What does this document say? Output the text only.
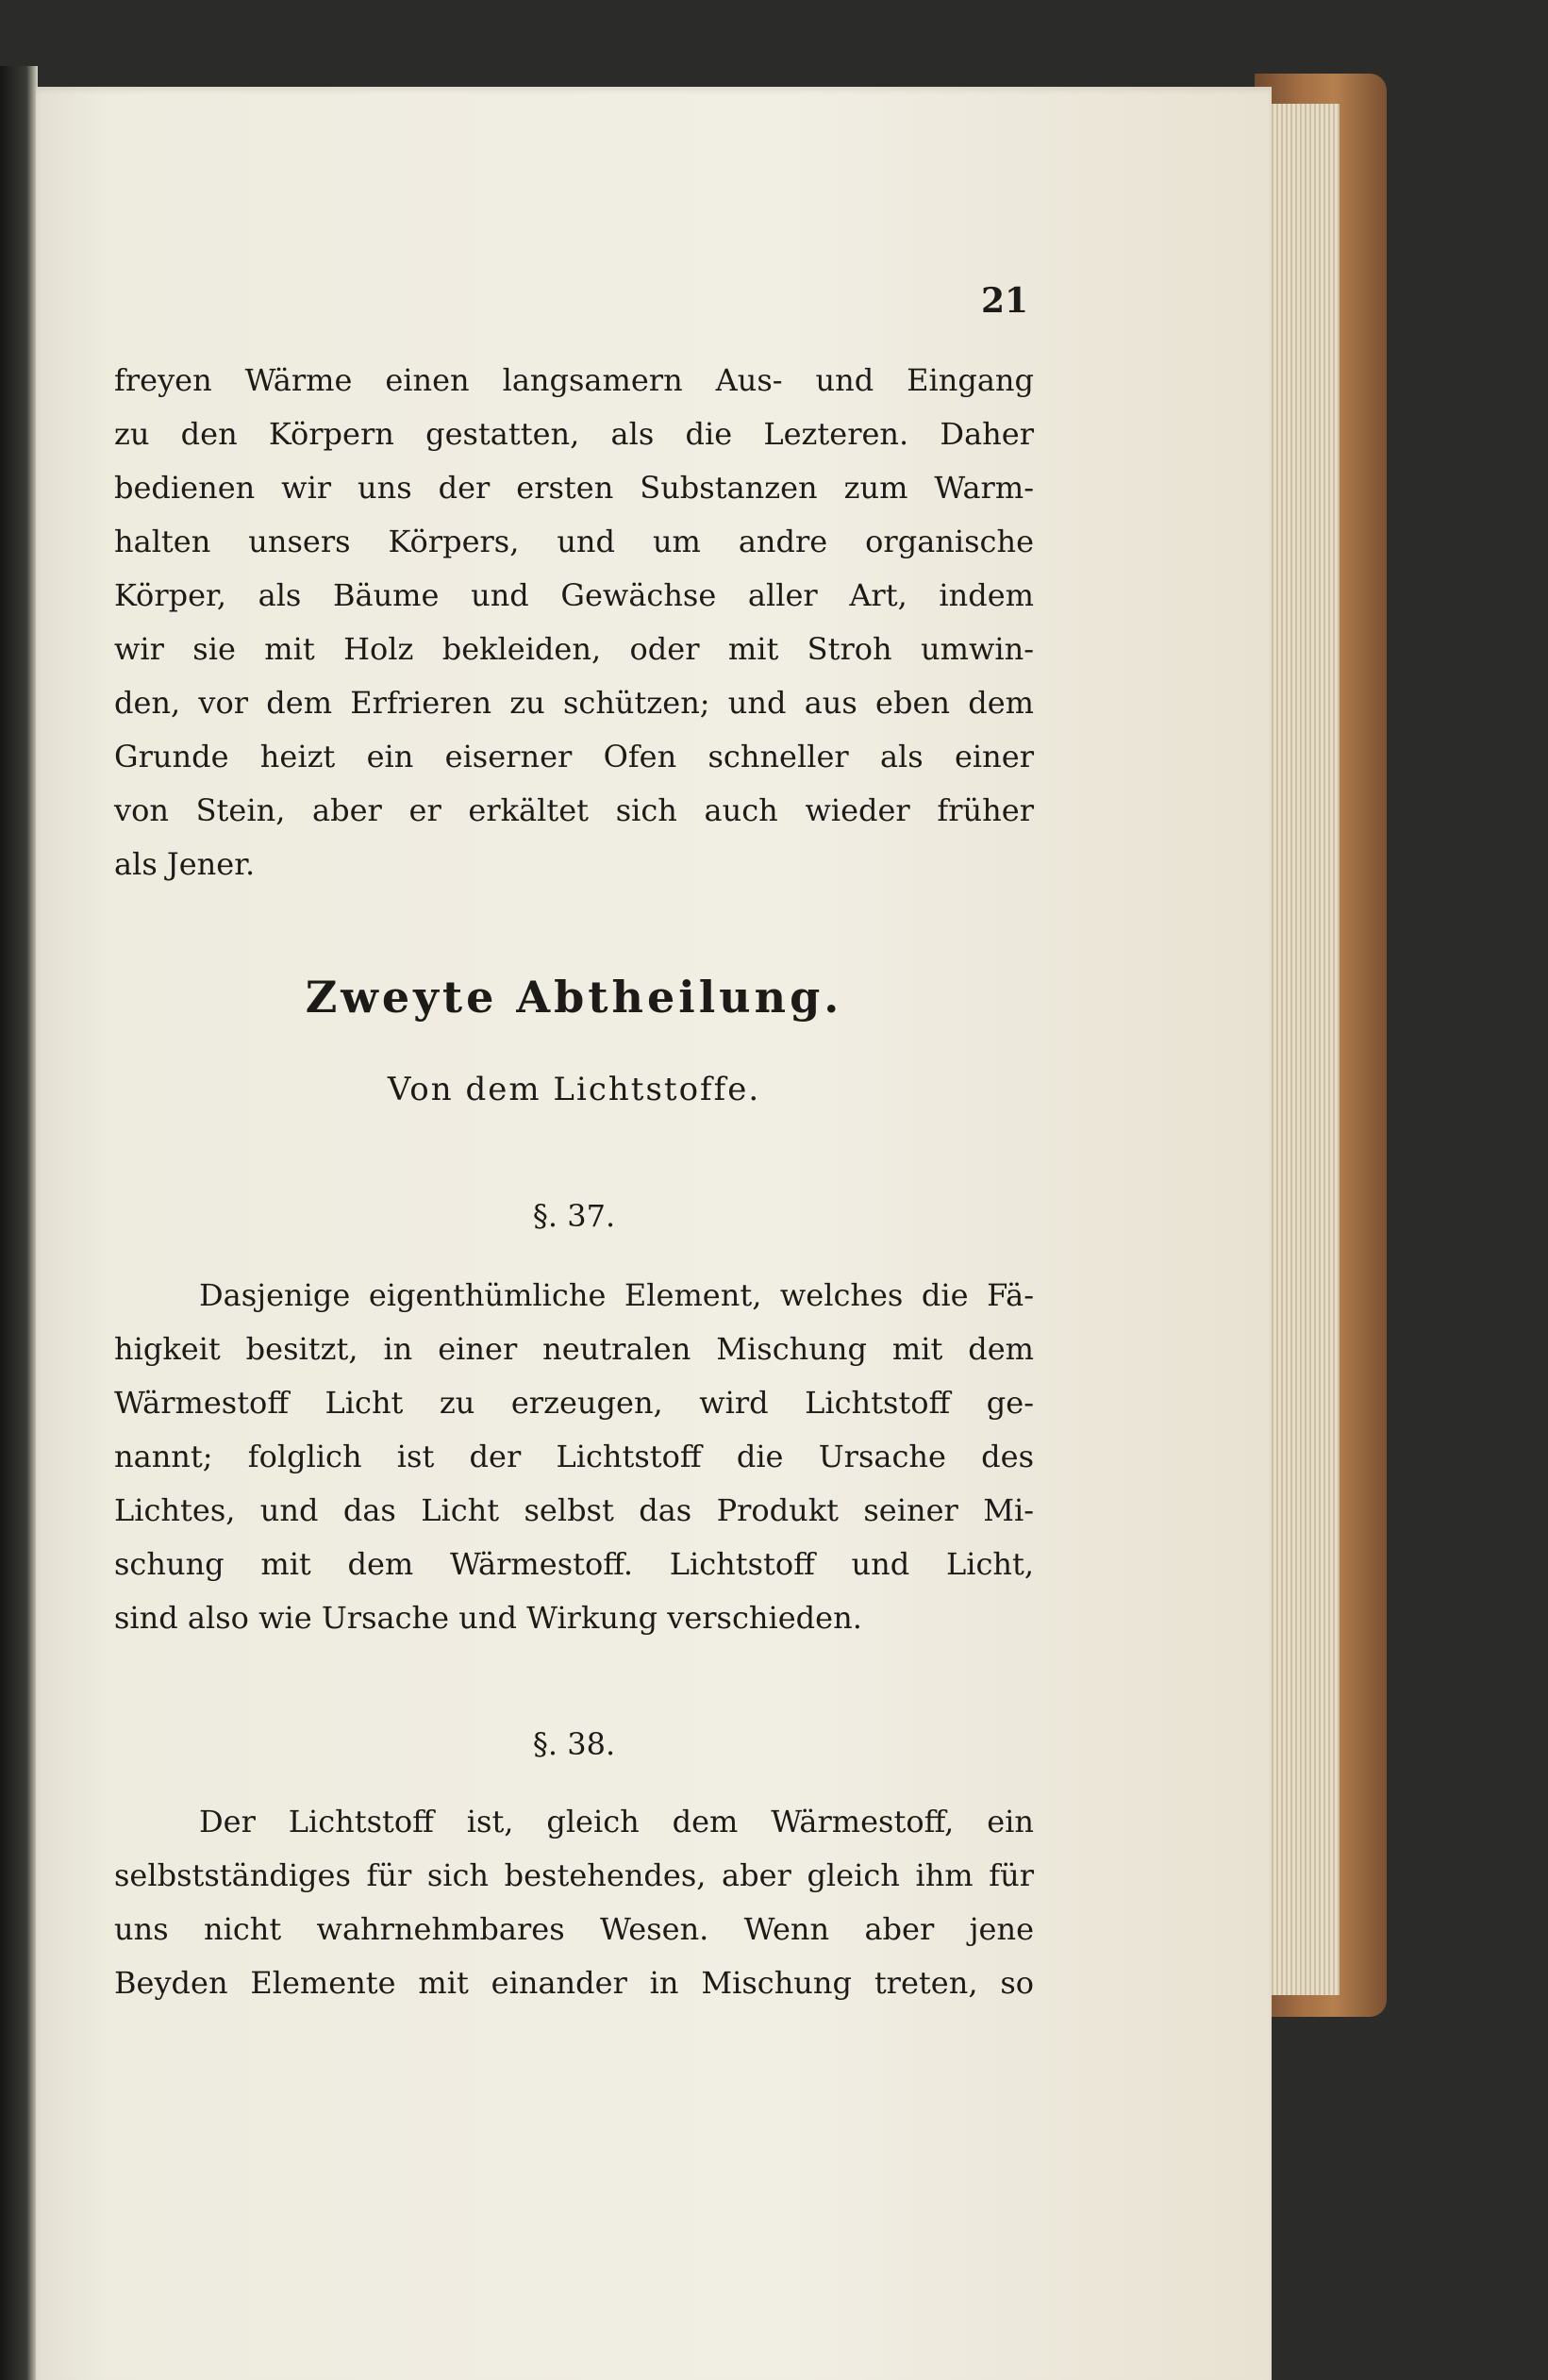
21
freyen Wärme einen langsamern Aus- und Eingang
zu den Körpern gestatten, als die Lezteren. Daher
bedienen wir uns der ersten Substanzen zum Warm-
halten unsers Körpers, und um andre organische
Körper, als Bäume und Gewächse aller Art, indem
wir sie mit Holz bekleiden, oder mit Stroh umwin-
den, vor dem Erfrieren zu schützen; und aus eben dem
Grunde heizt ein eiserner Ofen schneller als einer
von Stein, aber er erkältet sich auch wieder früher
als Jener.
Zweyte Abtheilung.
Von dem Lichtstoffe.
§. 37.
Dasjenige eigenthümliche Element, welches die Fä-
higkeit besitzt, in einer neutralen Mischung mit dem
Wärmestoff Licht zu erzeugen, wird Lichtstoff ge-
nannt; folglich ist der Lichtstoff die Ursache des
Lichtes, und das Licht selbst das Produkt seiner Mi-
schung mit dem Wärmestoff. Lichtstoff und Licht,
sind also wie Ursache und Wirkung verschieden.
§. 38.
Der Lichtstoff ist, gleich dem Wärmestoff, ein
selbstständiges für sich bestehendes, aber gleich ihm für
uns nicht wahrnehmbares Wesen. Wenn aber jene
Beyden Elemente mit einander in Mischung treten, so
